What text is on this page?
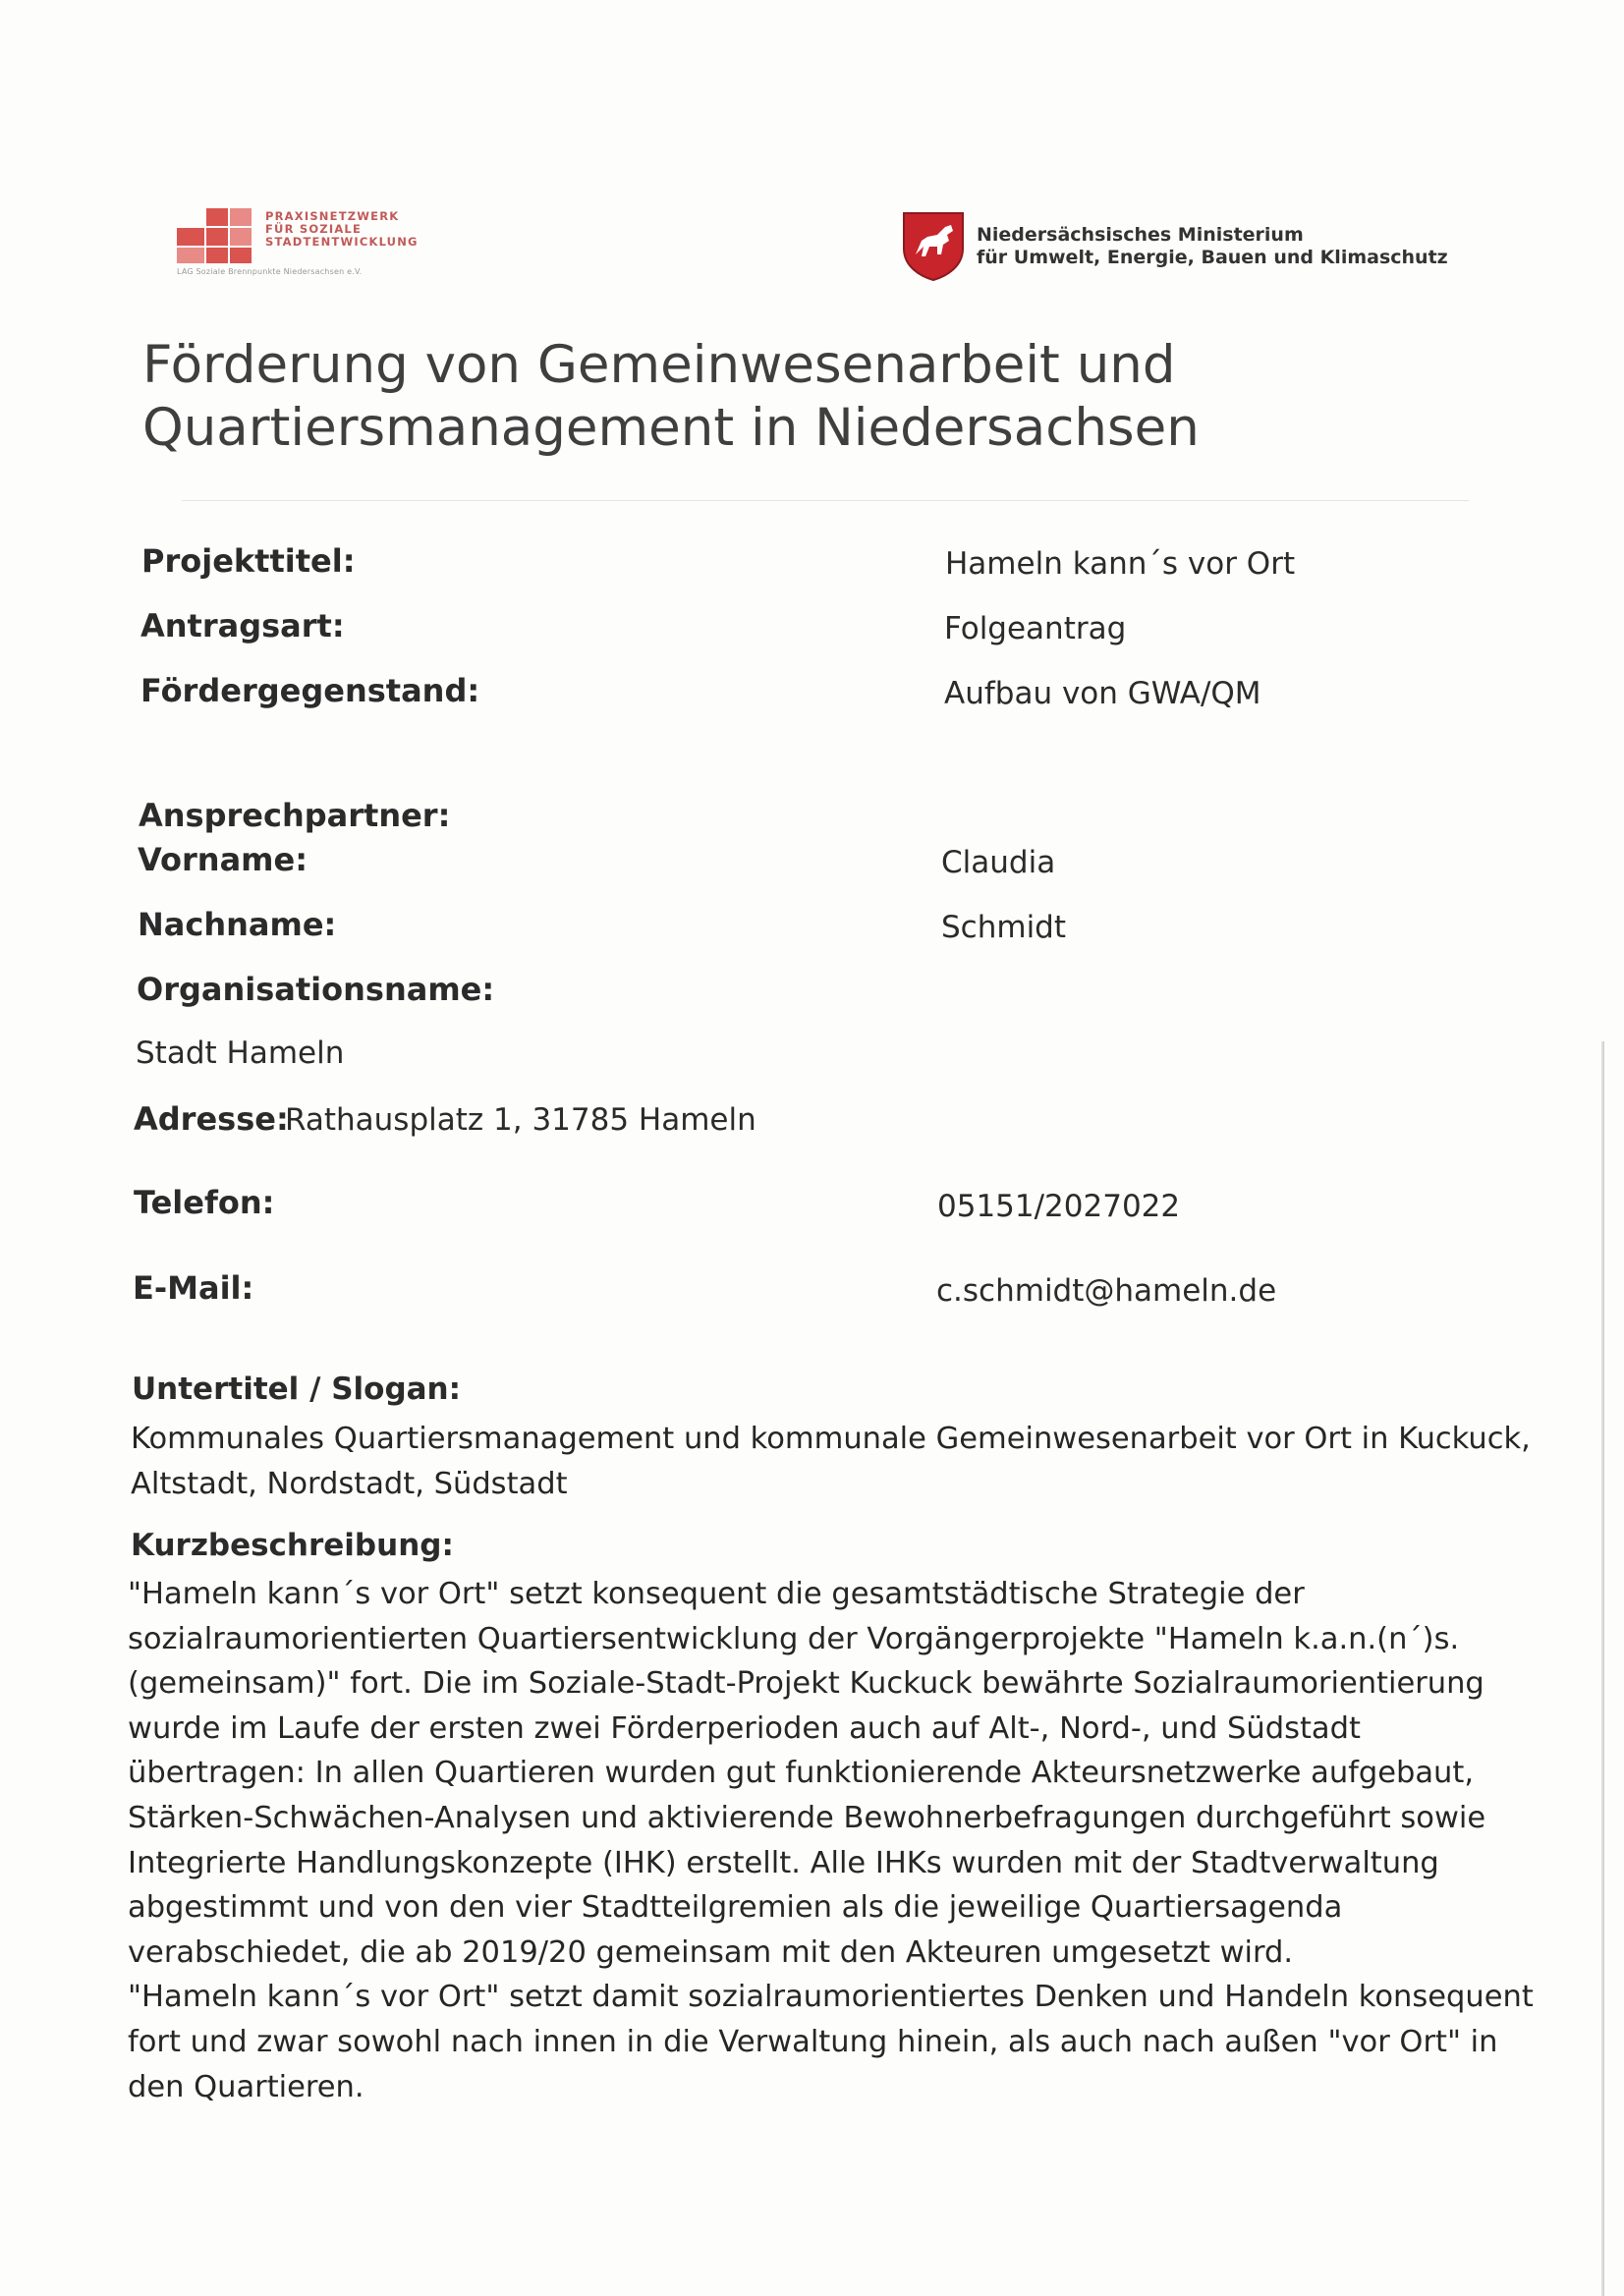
PRAXISNETZWERK
FÜR SOZIALE
STADTENTWICKLUNG
LAG Soziale Brennpunkte Niedersachsen e.V.
Niedersächsisches Ministerium
für Umwelt, Energie, Bauen und Klimaschutz
Förderung von Gemeinwesenarbeit und
Quartiersmanagement in Niedersachsen
Projekttitel:	Hameln kann´s vor Ort
Antragsart:	Folgeantrag
Fördergegenstand:	Aufbau von GWA/QM
Ansprechpartner:
Vorname:	Claudia
Nachname:	Schmidt
Organisationsname:
Stadt Hameln
Adresse:
Rathausplatz 1, 31785 Hameln
Telefon:	05151/2027022
E-Mail:	c.schmidt@hameln.de
Untertitel / Slogan:
Kommunales Quartiersmanagement und kommunale Gemeinwesenarbeit vor Ort in Kuckuck,
Altstadt, Nordstadt, Südstadt
Kurzbeschreibung:
"Hameln kann´s vor Ort" setzt konsequent die gesamtstädtische Strategie der
sozialraumorientierten Quartiersentwicklung der Vorgängerprojekte "Hameln k.a.n.(n´)s.
(gemeinsam)" fort. Die im Soziale-Stadt-Projekt Kuckuck bewährte Sozialraumorientierung
wurde im Laufe der ersten zwei Förderperioden auch auf Alt-, Nord-, und Südstadt
übertragen: In allen Quartieren wurden gut funktionierende Akteursnetzwerke aufgebaut,
Stärken-Schwächen-Analysen und aktivierende Bewohnerbefragungen durchgeführt sowie
Integrierte Handlungskonzepte (IHK) erstellt. Alle IHKs wurden mit der Stadtverwaltung
abgestimmt und von den vier Stadtteilgremien als die jeweilige Quartiersagenda
verabschiedet, die ab 2019/20 gemeinsam mit den Akteuren umgesetzt wird.
"Hameln kann´s vor Ort" setzt damit sozialraumorientiertes Denken und Handeln konsequent
fort und zwar sowohl nach innen in die Verwaltung hinein, als auch nach außen "vor Ort" in
den Quartieren.
